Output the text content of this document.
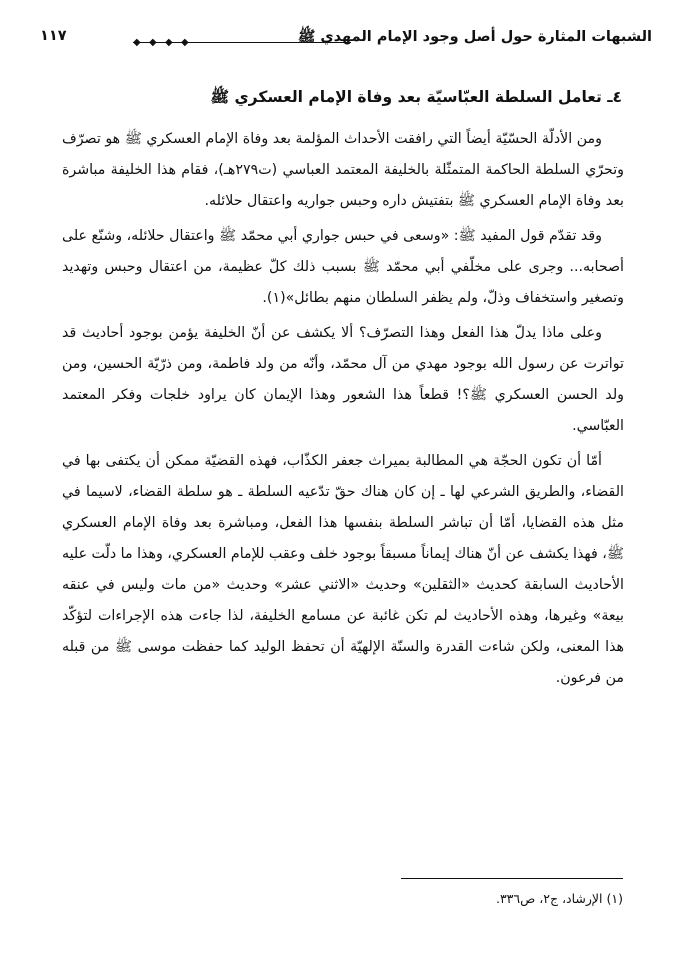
الشبهات المثارة حول أصل وجود الإمام المهدي ﷺ
◆ ◆ ◆ ◆
١١٧
٤ـ تعامل السلطة العبّاسيّة بعد وفاة الإمام العسكري ﷺ

ومن الأدلّة الحسّيّة أيضاً التي رافقت الأحداث المؤلمة بعد وفاة الإمام العسكري ﷺ هو تصرّف وتحرّي السلطة الحاكمة المتمثّلة بالخليفة المعتمد العباسي (ت٢٧٩هـ)، فقام هذا الخليفة مباشرة بعد وفاة الإمام العسكري ﷺ بتفتيش داره وحبس جواريه واعتقال حلائله.

وقد تقدّم قول المفيد ﷺ: «وسعى في حبس جواري أبي محمّد ﷺ واعتقال حلائله، وشنّع على أصحابه... وجرى على مخلّفي أبي محمّد ﷺ بسبب ذلك كلّ عظيمة، من اعتقال وحبس وتهديد وتصغير واستخفاف وذلّ، ولم يظفر السلطان منهم بطائل»(١).

وعلى ماذا يدلّ هذا الفعل وهذا التصرّف؟ ألا يكشف عن أنّ الخليفة يؤمن بوجود أحاديث قد تواترت عن رسول الله بوجود مهدي من آل محمّد، وأنّه من ولد فاطمة، ومن ذرّيّة الحسين، ومن ولد الحسن العسكري ﷺ؟! قطعاً هذا الشعور وهذا الإيمان كان يراود خلجات وفكر المعتمد العبّاسي.

أمّا أن تكون الحجّة هي المطالبة بميراث جعفر الكذّاب، فهذه القضيّة ممكن أن يكتفى بها في القضاء، والطريق الشرعي لها ـ إن كان هناك حقّ تدّعيه السلطة ـ هو سلطة القضاء، لاسيما في مثل هذه القضايا، أمّا أن تباشر السلطة بنفسها هذا الفعل، ومباشرة بعد وفاة الإمام العسكري ﷺ، فهذا يكشف عن أنّ هناك إيماناً مسبقاً بوجود خلف وعقب للإمام العسكري، وهذا ما دلّت عليه الأحاديث السابقة كحديث «الثقلين» وحديث «الاثني عشر» وحديث «من مات وليس في عنقه بيعة» وغيرها، وهذه الأحاديث لم تكن غائبة عن مسامع الخليفة، لذا جاءت هذه الإجراءات لتؤكّد هذا المعنى، ولكن شاءت القدرة والسنّة الإلهيّة أن تحفظ الوليد كما حفظت موسى ﷺ من قبله من فرعون.

(١) الإرشاد، ج٢، ص٣٣٦.
